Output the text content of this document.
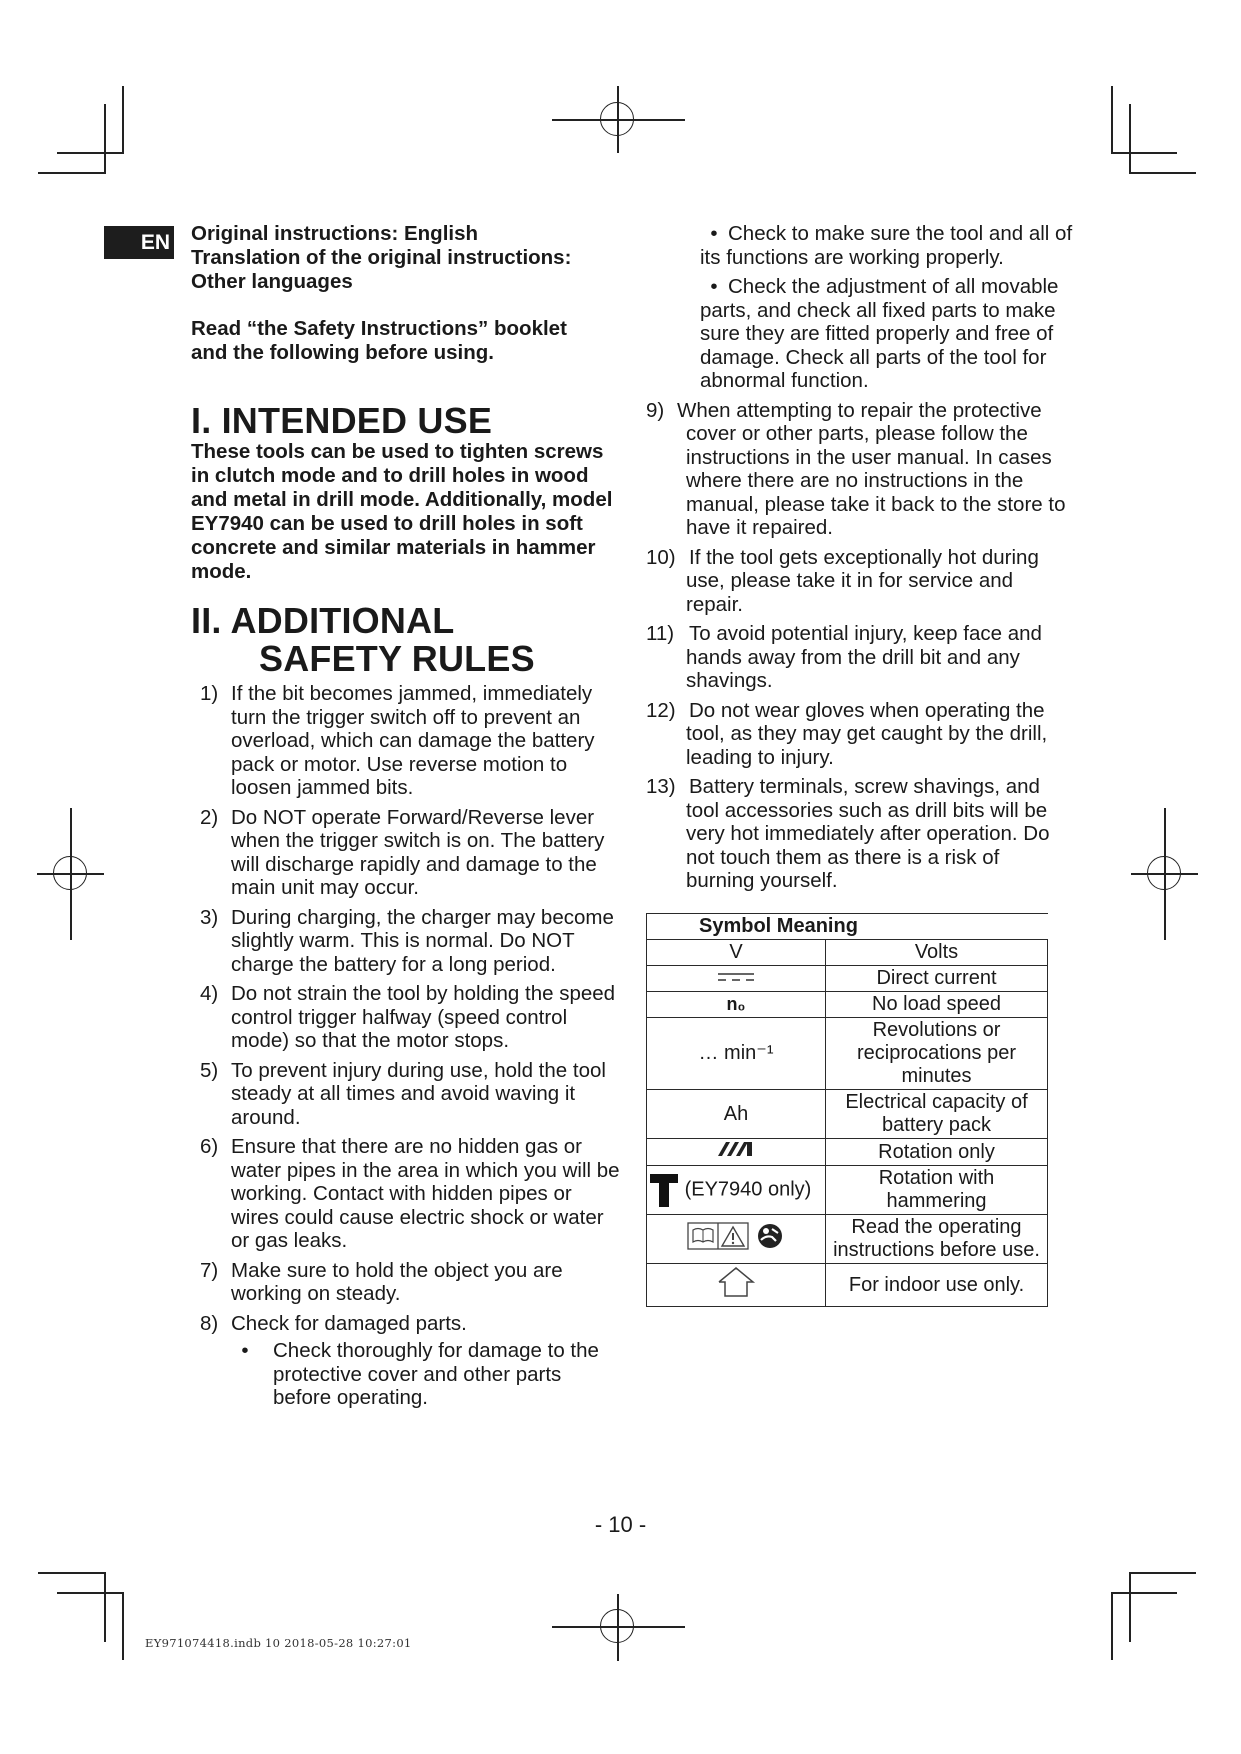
EN Original instructions: English

Translation of the original instructions:

Other languages

Read “the Safety Instructions” booklet

and the following before using.

I. INTENDED USE

These tools can be used to tighten screws in clutch mode and to drill holes in wood and metal in drill mode. Additionally, model EY7940 can be used to drill holes in soft concrete and similar materials in hammer mode.

II. ADDITIONAL
SAFETY RULES
1) If the bit becomes jammed, immediately turn the trigger switch off to prevent an overload, which can damage the battery pack or motor. Use reverse motion to loosen jammed bits.
2) Do NOT operate Forward/Reverse lever when the trigger switch is on. The battery will discharge rapidly and damage to the main unit may occur.
3) During charging, the charger may become slightly warm. This is normal. Do NOT charge the battery for a long period.
4) Do not strain the tool by holding the speed control trigger halfway (speed control mode) so that the motor stops.
5) To prevent injury during use, hold the tool steady at all times and avoid waving it around.
6) Ensure that there are no hidden gas or water pipes in the area in which you will be working. Contact with hidden pipes or wires could cause electric shock or water or gas leaks.
7) Make sure to hold the object you are working on steady.
8) Check for damaged parts.
• Check thoroughly for damage to the protective cover and other parts before operating.
• Check to make sure the tool and all of its functions are working properly.
• Check the adjustment of all movable parts, and check all fixed parts to make sure they are fitted properly and free of damage. Check all parts of the tool for abnormal function.
9) When attempting to repair the protective cover or other parts, please follow the instructions in the user manual. In cases where there are no instructions in the manual, please take it back to the store to have it repaired.
10) If the tool gets exceptionally hot during use, please take it in for service and repair.
11) To avoid potential injury, keep face and hands away from the drill bit and any shavings.
12) Do not wear gloves when operating the tool, as they may get caught by the drill, leading to injury.
13) Battery terminals, screw shavings, and tool accessories such as drill bits will be very hot immediately after operation. Do not touch them as there is a risk of burning yourself.
Symbol Meaning	
V	Volts
	Direct current
n₀	No load speed
… min⁻¹	Revolutions or reciprocations per minutes
Ah	Electrical capacity of battery pack
	Rotation only
(EY7940 only)	Rotation with hammering
	Read the operating instructions before use.
	For indoor use only.
- 10 -
EY971074418.indb 10 2018-05-28 10:27:01
